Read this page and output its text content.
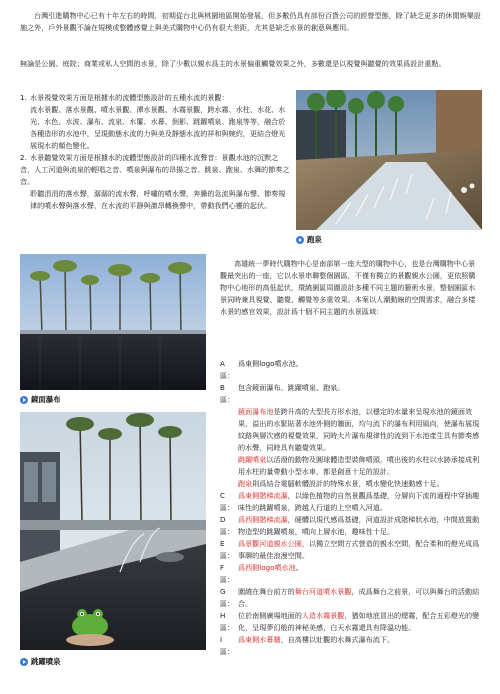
台灣引進購物中心已有十年左右的時間，初期從台北與桃園地區開始發展，但多數仍具有部份百貨公司的經營型態，除了缺乏更多的休閒娛樂設施之外，戶外景觀不論在規模或整體感覺上與美式購物中心仍有很大差距，尤其是缺乏水景的創意與應用。

無論是公園、庭院；商業或私人空間的水景，除了少數以親水爲主的水景偏重觸覺效果之外，多數還是以視覺與聽覺的效果爲設計重點。

1. 水景視覺效果方面是根據水的流體型態設計的五種水流的景觀：
流水景觀、落水景觀、噴水景觀、潭水景觀、水霧景觀，跨水霧、水柱、水花、水光、水色、水波、瀑布、流泉、水簾、水幕、倒影、跳躍噴泉、跑泉等等，融合於各種造形的水池中，呈現動態水流的力與美及靜態水流的祥和與婉約，更結合燈光展現水的顏色變化。
2. 水景聽覺效果方面是根據水的流體型態設計的四種水流聲音：景觀水池的沉默之音，人工河道與流泉的輕唱之音、噴泉與瀑布的昂揚之音、跳泉、跑泉、水舞的節奏之音。
聆聽涓涓的落水聲，潺潺的流水聲，呼嘯的噴水聲，奔騰的急流與瀑布聲、節奏規律的噴水聲與落水聲，在水流的平靜與激昂轉換聲中，帶動我們心靈的起伏。
跑泉
鏡面瀑布
跳躍噴泉

高雄統一夢時代購物中心是南部第一座大型的購物中心，也是台灣購物中心景觀最突出的一座，它以水景串聯整個園區，不僅有獨立的景觀親水公園，更依照購物中心地形的高低起伏，環繞園區周圍設計多種不同主題的藝術水景，整個園區水景同時兼具視覺、聽覺、觸覺等多重效果。本案以人潮動線的空間需求，融合多樣水景的感官效果，設計爲十個不同主題的水景區域：

A 區：
爲東側logo噴水池。
B 區：
包含鏡面瀑布、跳躍噴泉、跑泉。
鏡面瀑布池是跨升高的大型長方形水池，以穩定的水量來呈現水池的鏡面效果，溢出的水緊貼著水池外側的牆面，均勻流下的瀑布利用風向，使瀑布展現紋路與層次感的視覺效果，同時大片瀑布規律性的流到下水池產生具有節奏感的水聲，同時具有聽覺效果。
跳躍噴泉以活潑的動物及圓球體造型裝飾噴頭，噴出後的水柱以水跡承接成利用水柱的量帶動小型水車，都是創意十足的設計。
跑泉則爲結合電腦軟體設計的特殊水景，噴水變化快速動感十足。
C 區：
爲東側階梯流瀑，以綠色植物的自然景觀爲基礎，分層向下流的通程中穿插趣味性的跳躍噴泉，跨越人行道的上空噴入河道。
D 區：
爲西側階梯流瀑，硬體以現代感爲基礎，河道設計成階梯狀水池，中間放置動物造型的跳躍噴泉，噴向上層水池，趣味性十足。
E 區：
爲景觀河道親水公園，以獨立空間方式營造的親水空間，配合柔和的燈光成爲事聊的最佳浪漫空間。
F 區：
爲西側logo噴水池。
G 區：
圍繞在舞台前方的舞台河道噴水景觀，成爲舞台之前景，可以與舞台的活動結合。
H 區：
位於南側廣場地面的人造水霧景觀，猶如地底冒出的煙霧，配合五彩燈光的變化，呈現夢幻般的神秘美感，白天水霧還具有降溫功能。
I 區：
爲東側水幕牆，自高樓以壯觀的水舞式瀑布流下。
